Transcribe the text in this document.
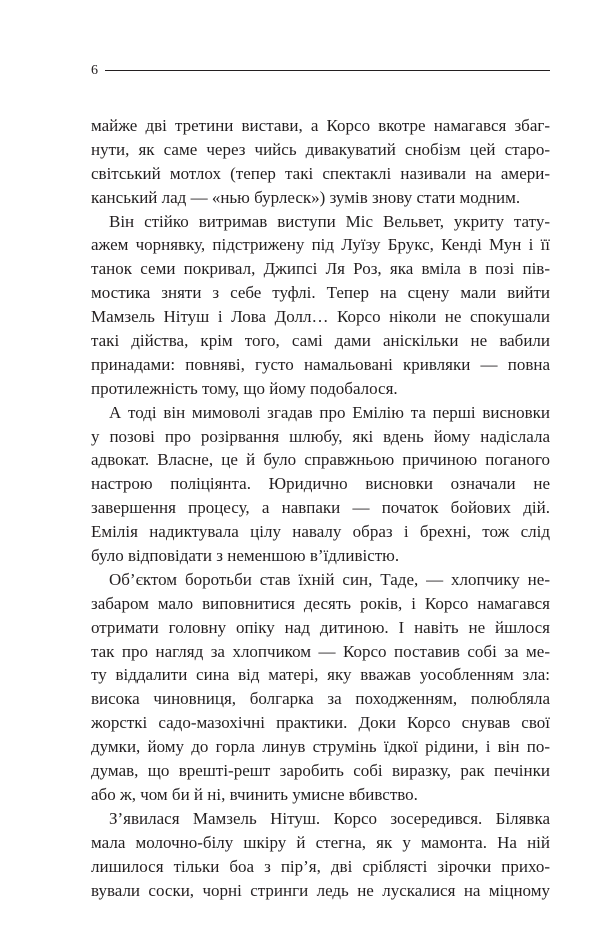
6
майже дві третини вистави, а Корсо вкотре намагався збаг-
нути, як саме через чийсь дивакуватий снобізм цей старо-
світський мотлох (тепер такі спектаклі називали на амери-
канський лад — «нью бурлеск») зумів знову стати модним.
Він стійко витримав виступи Міс Вельвет, укриту тату-
ажем чорнявку, підстрижену під Луїзу Брукс, Кенді Мун і її
танок семи покривал, Джипсі Ля Роз, яка вміла в позі пів-
мостика зняти з себе туфлі. Тепер на сцену мали вийти
Мамзель Нітуш і Лова Долл… Корсо ніколи не спокушали
такі дійства, крім того, самі дами аніскільки не вабили
принадами: повняві, густо намальовані кривляки — повна
протилежність тому, що йому подобалося.
А тоді він мимоволі згадав про Емілію та перші висновки
у позові про розірвання шлюбу, які вдень йому надіслала
адвокат. Власне, це й було справжньою причиною поганого
настрою поліціянта. Юридично висновки означали не
завершення процесу, а навпаки — початок бойових дій.
Емілія надиктувала цілу навалу образ і брехні, тож слід
було відповідати з неменшою в’їдливістю.
Об’єктом боротьби став їхній син, Таде, — хлопчику не-
забаром мало виповнитися десять років, і Корсо намагався
отримати головну опіку над дитиною. І навіть не йшлося
так про нагляд за хлопчиком — Корсо поставив собі за ме-
ту віддалити сина від матері, яку вважав уособленням зла:
висока чиновниця, болгарка за походженням, полюбляла
жорсткі садо-мазохічні практики. Доки Корсо снував свої
думки, йому до горла линув струмінь їдкої рідини, і він по-
думав, що врешті-решт заробить собі виразку, рак печінки
або ж, чом би й ні, вчинить умисне вбивство.
З’явилася Мамзель Нітуш. Корсо зосередився. Білявка
мала молочно-білу шкіру й стегна, як у мамонта. На ній
лишилося тільки боа з пір’я, дві сріблясті зірочки прихо-
вували соски, чорні стринги ледь не лускалися на міцному
